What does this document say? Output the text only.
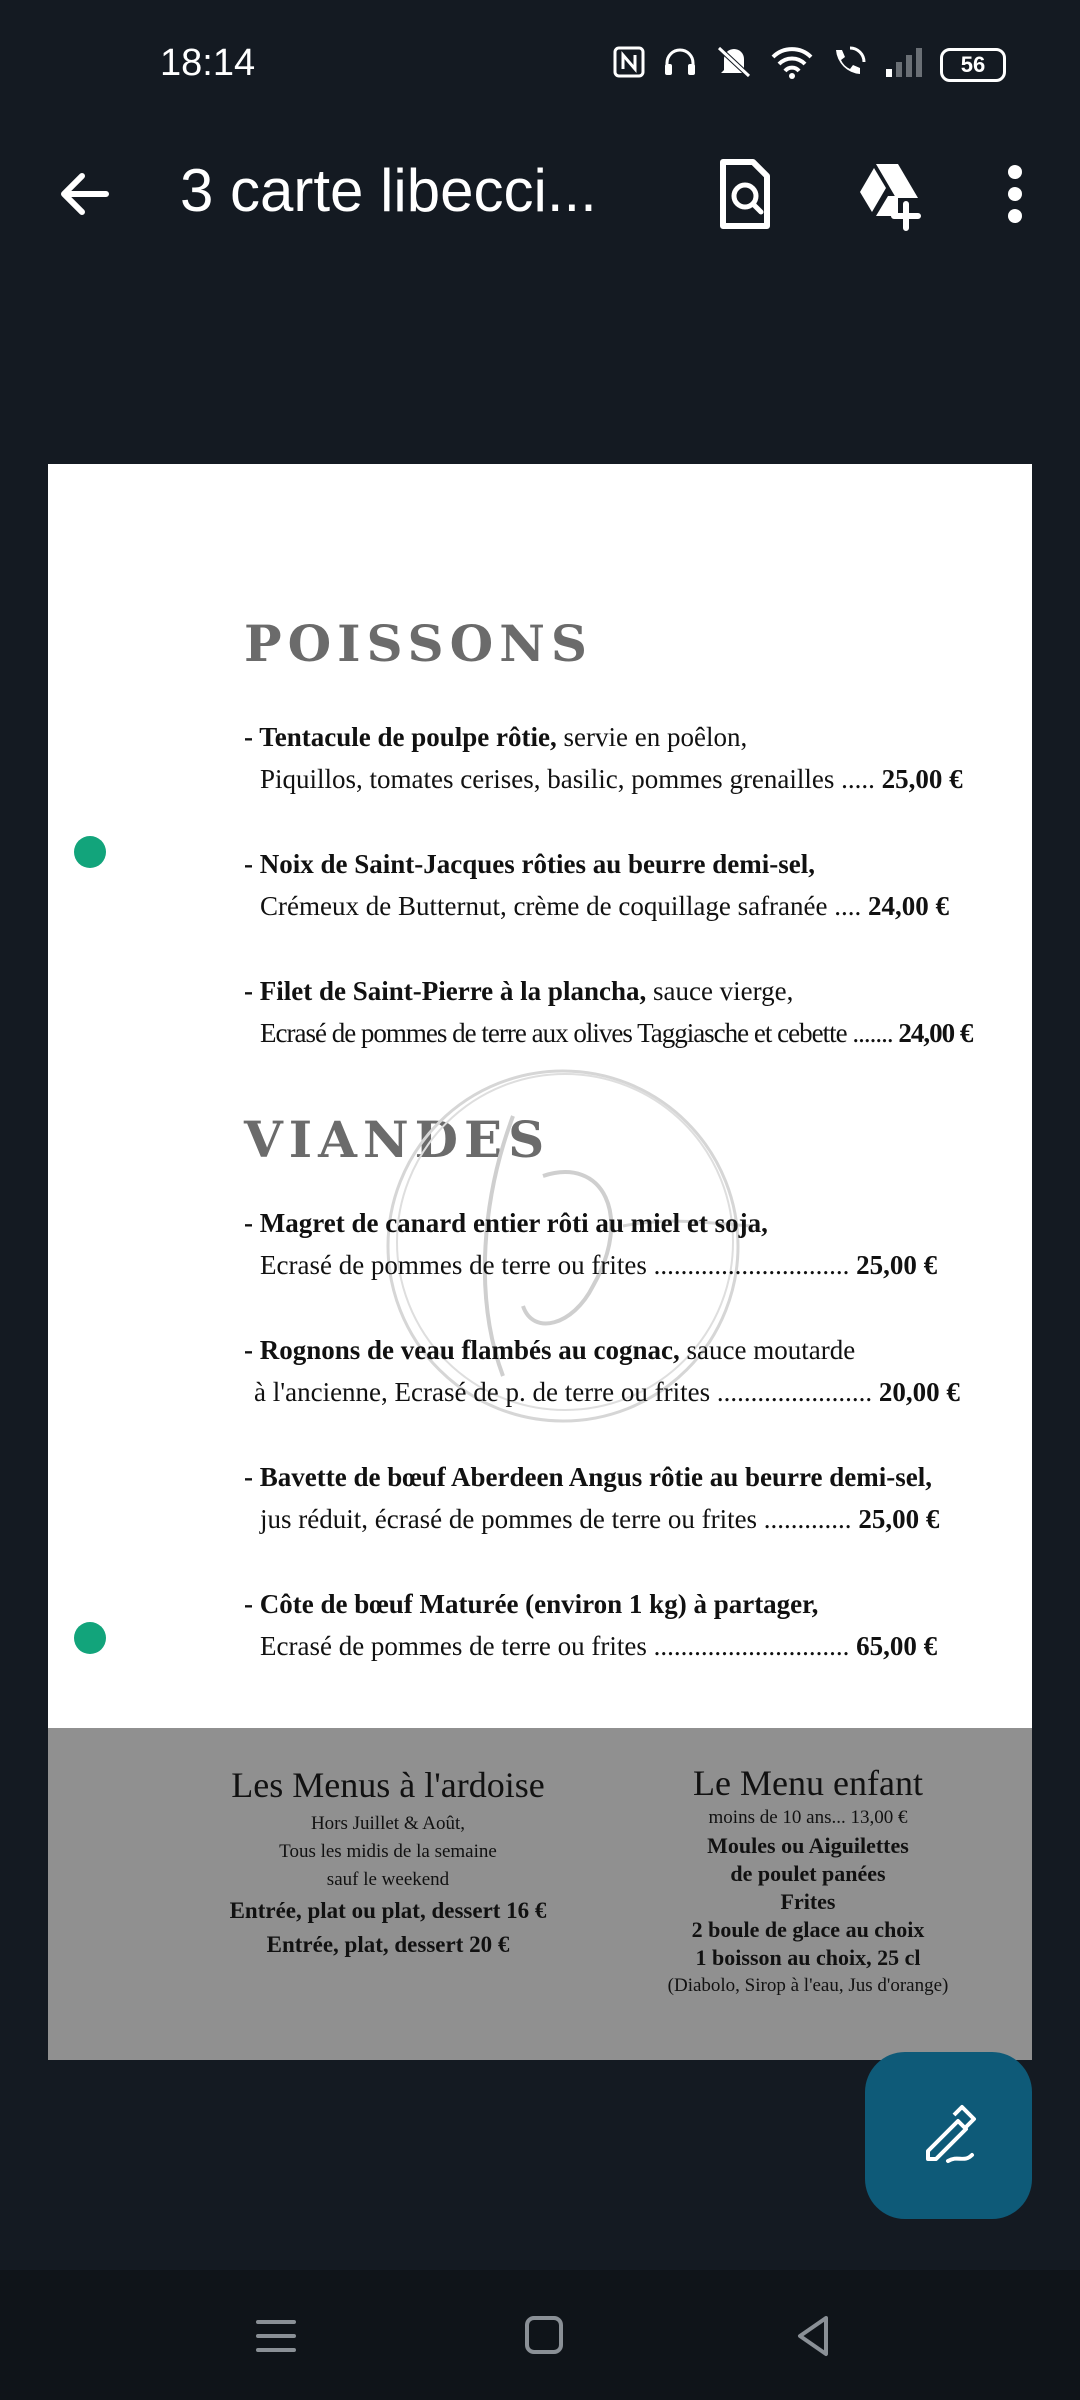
18:14	56
3 carte libecci...
POISSONS
- Tentacule de poulpe rôtie, servie en poêlon,
Piquillos, tomates cerises, basilic, pommes grenailles ..... 25,00 €
- Noix de Saint-Jacques rôties au beurre demi-sel,
Crémeux de Butternut, crème de coquillage safranée .... 24,00 €
- Filet de Saint-Pierre à la plancha, sauce vierge,
Ecrasé de pommes de terre aux olives Taggiasche et cebette ....... 24,00 €
VIANDES
- Magret de canard entier rôti au miel et soja,
Ecrasé de pommes de terre ou frites ............................. 25,00 €
- Rognons de veau flambés au cognac, sauce moutarde
à l'ancienne, Ecrasé de p. de terre ou frites ....................... 20,00 €
- Bavette de bœuf Aberdeen Angus rôtie au beurre demi-sel,
jus réduit, écrasé de pommes de terre ou frites ............. 25,00 €
- Côte de bœuf Maturée (environ 1 kg) à partager,
Ecrasé de pommes de terre ou frites ............................. 65,00 €
Les Menus à l'ardoise
Hors Juillet & Août,
Tous les midis de la semaine
sauf le weekend
Entrée, plat ou plat, dessert 16 €
Entrée, plat, dessert 20 €
Le Menu enfant
moins de 10 ans... 13,00 €
Moules ou Aiguilettes
de poulet panées
Frites
2 boule de glace au choix
1 boisson au choix, 25 cl
(Diabolo, Sirop à l'eau, Jus d'orange)
